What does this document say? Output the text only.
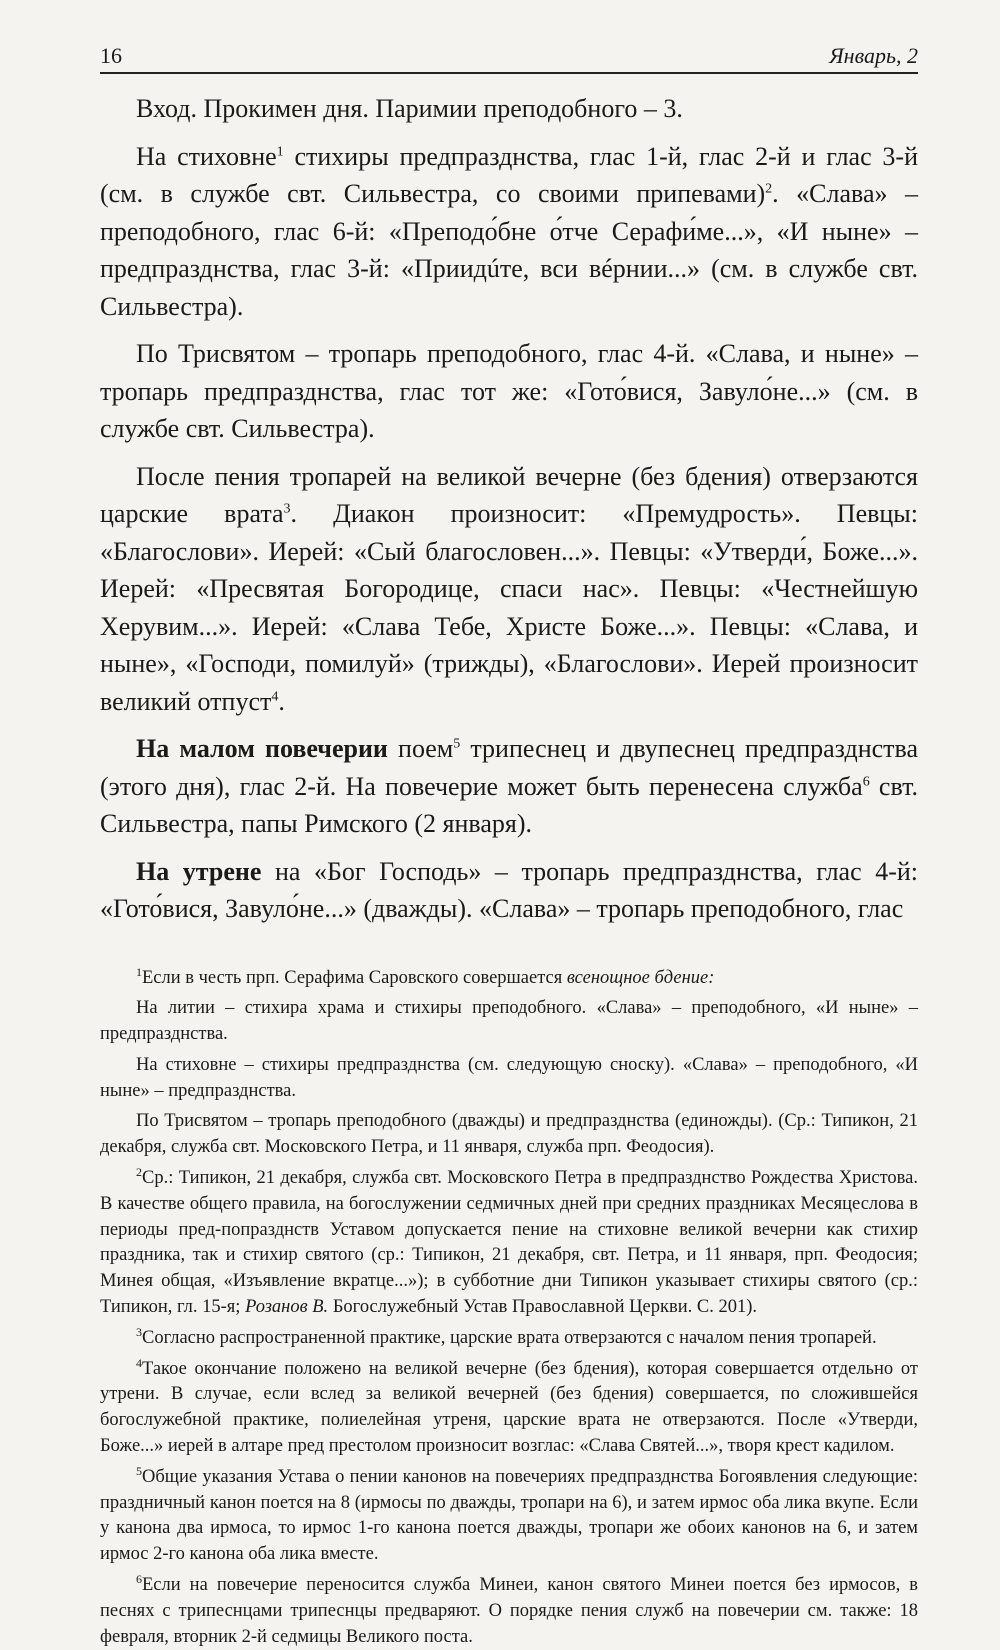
16	Январь, 2

Вход. Прокимен дня. Паримии преподобного – 3.

На стиховне$^1$ стихиры предпразднства, глас 1-й, глас 2-й и глас 3-й (см. в службе свт. Сильвестра, со своими припевами)$^2$. «Слава» – преподобного, глас 6-й: «Преподо́бне о́тче Серафи́ме...», «И ныне» – предпразднства, глас 3-й: «Приидúте, вси вéрнии...» (см. в службе свт. Сильвестра).

По Трисвятом – тропарь преподобного, глас 4-й. «Слава, и ныне» – тропарь предпразднства, глас тот же: «Гото́вися, Завуло́не...» (см. в службе свт. Сильвестра).

После пения тропарей на великой вечерне (без бдения) отверзаются царские врата$^3$. Диакон произносит: «Премудрость». Певцы: «Благослови». Иерей: «Сый благословен...». Певцы: «Утверди́, Боже...». Иерей: «Пресвятая Богородице, спаси нас». Певцы: «Честнейшую Херувим...». Иерей: «Слава Тебе, Христе Боже...». Певцы: «Слава, и ныне», «Господи, помилуй» (трижды), «Благослови». Иерей произносит великий отпуст$^4$.

На малом повечерии поем$^5$ трипеснец и двупеснец предпразднства (этого дня), глас 2-й. На повечерие может быть перенесена служба$^6$ свт. Сильвестра, папы Римского (2 января).

На утрене на «Бог Господь» – тропарь предпразднства, глас 4-й: «Гото́вися, Завуло́не...» (дважды). «Слава» – тропарь преподобного, глас

$^1$Если в честь прп. Серафима Саровского совершается всенощное бдение:

На литии – стихира храма и стихиры преподобного. «Слава» – преподобного, «И ныне» – предпразднства.

На стиховне – стихиры предпразднства (см. следующую сноску). «Слава» – преподобного, «И ныне» – предпразднства.

По Трисвятом – тропарь преподобного (дважды) и предпразднства (единожды). (Ср.: Типикон, 21 декабря, служба свт. Московского Петра, и 11 января, служба прп. Феодосия).

$^2$Ср.: Типикон, 21 декабря, служба свт. Московского Петра в предпразднство Рождества Христова. В качестве общего правила, на богослужении седмичных дней при средних праздниках Месяцеслова в периоды пред-попразднств Уставом допускается пение на стиховне великой вечерни как стихир праздника, так и стихир святого (ср.: Типикон, 21 декабря, свт. Петра, и 11 января, прп. Феодосия; Минея общая, «Изъявление вкратце...»); в субботние дни Типикон указывает стихиры святого (ср.: Типикон, гл. 15-я; Розанов В. Богослужебный Устав Православной Церкви. С. 201).

$^3$Согласно распространенной практике, царские врата отверзаются с началом пения тропарей.

$^4$Такое окончание положено на великой вечерне (без бдения), которая совершается отдельно от утрени. В случае, если вслед за великой вечерней (без бдения) совершается, по сложившейся богослужебной практике, полиелейная утреня, царские врата не отверзаются. После «Утверди, Боже...» иерей в алтаре пред престолом произносит возглас: «Слава Святей...», творя крест кадилом.

$^5$Общие указания Устава о пении канонов на повечериях предпразднства Богоявления следующие: праздничный канон поется на 8 (ирмосы по дважды, тропари на 6), и затем ирмос оба лика вкупе. Если у канона два ирмоса, то ирмос 1-го канона поется дважды, тропари же обоих канонов на 6, и затем ирмос 2-го канона оба лика вместе.

$^6$Если на повечерие переносится служба Минеи, канон святого Минеи поется без ирмосов, в песнях с трипеснцами трипеснцы предваряют. О порядке пения служб на повечерии см. также: 18 февраля, вторник 2-й седмицы Великого поста.
